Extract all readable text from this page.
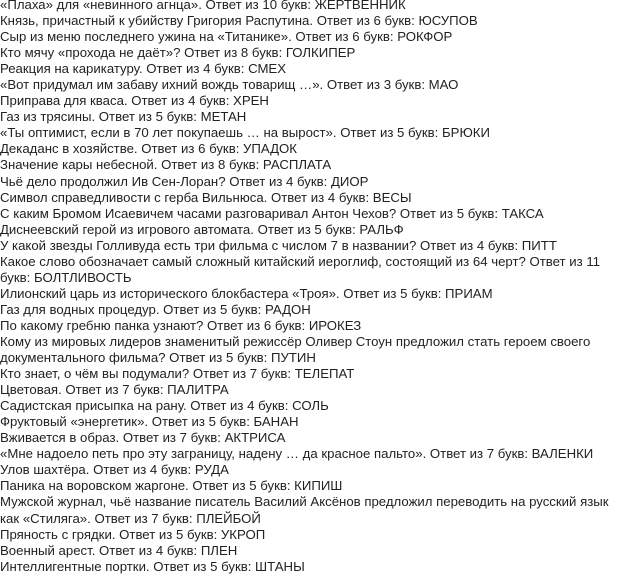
«Плаха» для «невинного агнца». Ответ из 10 букв: ЖЕРТВЕННИК
Князь, причастный к убийству Григория Распутина. Ответ из 6 букв: ЮСУПОВ
Сыр из меню последнего ужина на «Титанике». Ответ из 6 букв: РОКФОР
Кто мячу «прохода не даёт»? Ответ из 8 букв: ГОЛКИПЕР
Реакция на карикатуру. Ответ из 4 букв: СМЕХ
«Вот придумал им забаву ихний вождь товарищ …». Ответ из 3 букв: МАО
Приправа для кваса. Ответ из 4 букв: ХРЕН
Газ из трясины. Ответ из 5 букв: МЕТАН
«Ты оптимист, если в 70 лет покупаешь … на вырост». Ответ из 5 букв: БРЮКИ
Декаданс в хозяйстве. Ответ из 6 букв: УПАДОК
Значение кары небесной. Ответ из 8 букв: РАСПЛАТА
Чьё дело продолжил Ив Сен-Лоран? Ответ из 4 букв: ДИОР
Символ справедливости с герба Вильнюса. Ответ из 4 букв: ВЕСЫ
С каким Бромом Исаевичем часами разговаривал Антон Чехов? Ответ из 5 букв: ТАКСА
Диснеевский герой из игрового автомата. Ответ из 5 букв: РАЛЬФ
У какой звезды Голливуда есть три фильма с числом 7 в названии? Ответ из 4 букв: ПИТТ
Какое слово обозначает самый сложный китайский иероглиф, состоящий из 64 черт? Ответ из 11
букв: БОЛТЛИВОСТЬ
Илионский царь из исторического блокбастера «Троя». Ответ из 5 букв: ПРИАМ
Газ для водных процедур. Ответ из 5 букв: РАДОН
По какому гребню панка узнают? Ответ из 6 букв: ИРОКЕЗ
Кому из мировых лидеров знаменитый режиссёр Оливер Стоун предложил стать героем своего
документального фильма? Ответ из 5 букв: ПУТИН
Кто знает, о чём вы подумали? Ответ из 7 букв: ТЕЛЕПАТ
Цветовая. Ответ из 7 букв: ПАЛИТРА
Садистская присыпка на рану. Ответ из 4 букв: СОЛЬ
Фруктовый «энергетик». Ответ из 5 букв: БАНАН
Вживается в образ. Ответ из 7 букв: АКТРИСА
«Мне надоело петь про эту заграницу, надену … да красное пальто». Ответ из 7 букв: ВАЛЕНКИ
Улов шахтёра. Ответ из 4 букв: РУДА
Паника на воровском жаргоне. Ответ из 5 букв: КИПИШ
Мужской журнал, чьё название писатель Василий Аксёнов предложил переводить на русский язык
как «Стиляга». Ответ из 7 букв: ПЛЕЙБОЙ
Пряность с грядки. Ответ из 5 букв: УКРОП
Военный арест. Ответ из 4 букв: ПЛЕН
Интеллигентные портки. Ответ из 5 букв: ШТАНЫ
